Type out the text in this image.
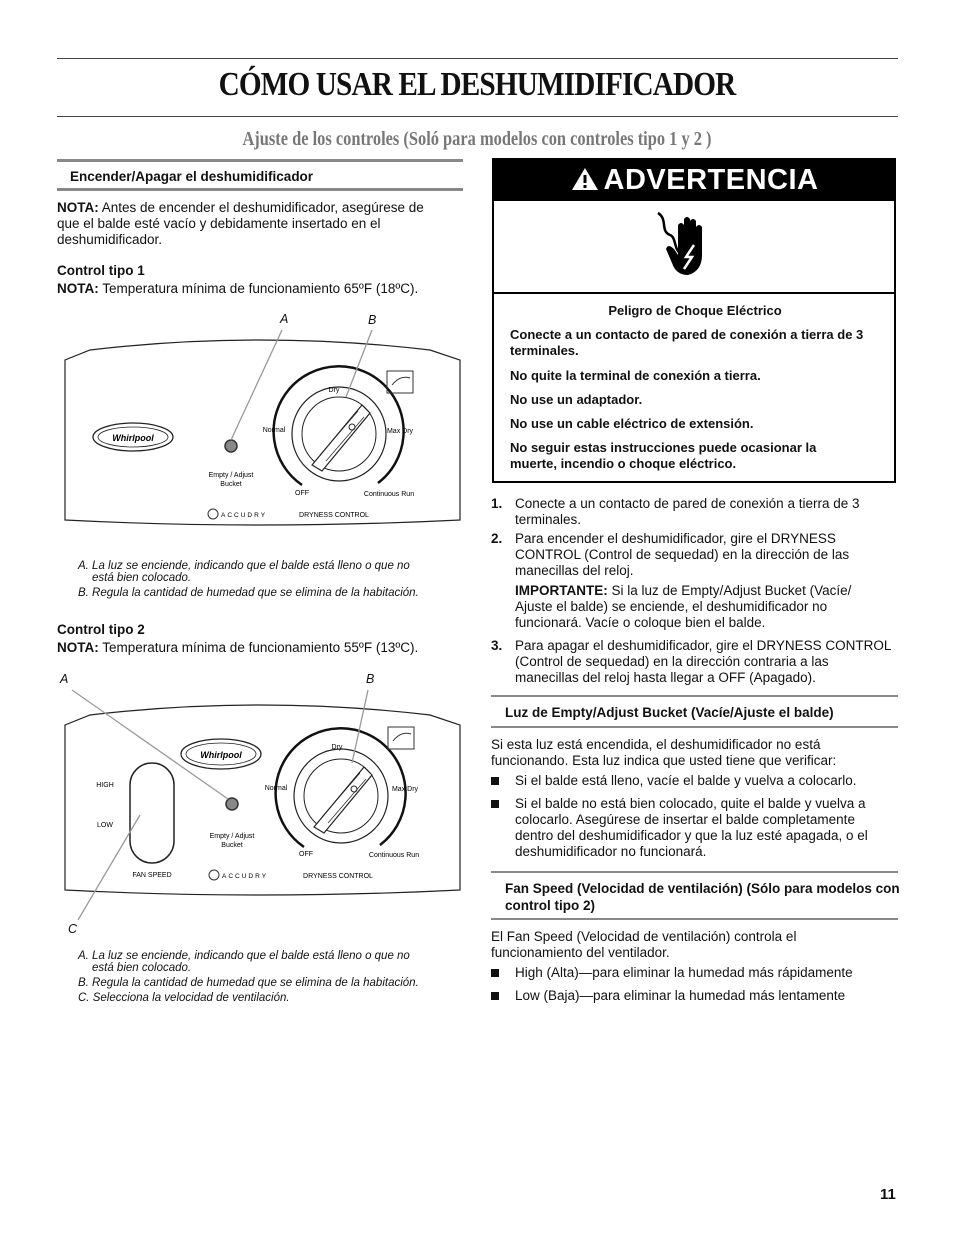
CÓMO USAR EL DESHUMIDIFICADOR
Ajuste de los controles (Soló para modelos con controles tipo 1 y 2 )
Encender/Apagar el deshumidificador
NOTA: Antes de encender el deshumidificador, asegúrese de que el balde esté vacío y debidamente insertado en el deshumidificador.
Control tipo 1
NOTA: Temperatura mínima de funcionamiento 65ºF (18ºC).
Whirlpool
Empty / Adjust
Bucket
ACCUDRY
Dry
Normal	Max Dry
OFF	Continuous Run
DRYNESS CONTROL
A	B
A. La luz se enciende, indicando que el balde está lleno o que no
está bien colocado.
B. Regula la cantidad de humedad que se elimina de la habitación.
Control tipo 2
NOTA: Temperatura mínima de funcionamiento 55ºF (13ºC).
Whirlpool
HIGH
LOW
FAN SPEED
Empty / Adjust
Bucket
ACCUDRY
Dry
Normal	Max Dry
OFF	Continuous Run
DRYNESS CONTROL
A	B
C
A. La luz se enciende, indicando que el balde está lleno o que no
está bien colocado.
B. Regula la cantidad de humedad que se elimina de la habitación.
C. Selecciona la velocidad de ventilación.
ADVERTENCIA
Peligro de Choque Eléctrico
Conecte a un contacto de pared de conexión a tierra de 3 terminales.
No quite la terminal de conexión a tierra.
No use un adaptador.
No use un cable eléctrico de extensión.
No seguir estas instrucciones puede ocasionar la muerte, incendio o choque eléctrico.
1. Conecte a un contacto de pared de conexión a tierra de 3 terminales.
2. Para encender el deshumidificador, gire el DRYNESS CONTROL (Control de sequedad) en la dirección de las manecillas del reloj.
IMPORTANTE: Si la luz de Empty/Adjust Bucket (Vacíe/ Ajuste el balde) se enciende, el deshumidificador no funcionará. Vacíe o coloque bien el balde.
3. Para apagar el deshumidificador, gire el DRYNESS CONTROL (Control de sequedad) en la dirección contraria a las manecillas del reloj hasta llegar a OFF (Apagado).
Luz de Empty/Adjust Bucket (Vacíe/Ajuste el balde)
Si esta luz está encendida, el deshumidificador no está funcionando. Esta luz indica que usted tiene que verificar:
Si el balde está lleno, vacíe el balde y vuelva a colocarlo.
Si el balde no está bien colocado, quite el balde y vuelva a colocarlo. Asegúrese de insertar el balde completamente dentro del deshumidificador y que la luz esté apagada, o el deshumidificador no funcionará.
Fan Speed (Velocidad de ventilación) (Sólo para modelos con control tipo 2)
El Fan Speed (Velocidad de ventilación) controla el funcionamiento del ventilador.
High (Alta)—para eliminar la humedad más rápidamente
Low (Baja)—para eliminar la humedad más lentamente
11
